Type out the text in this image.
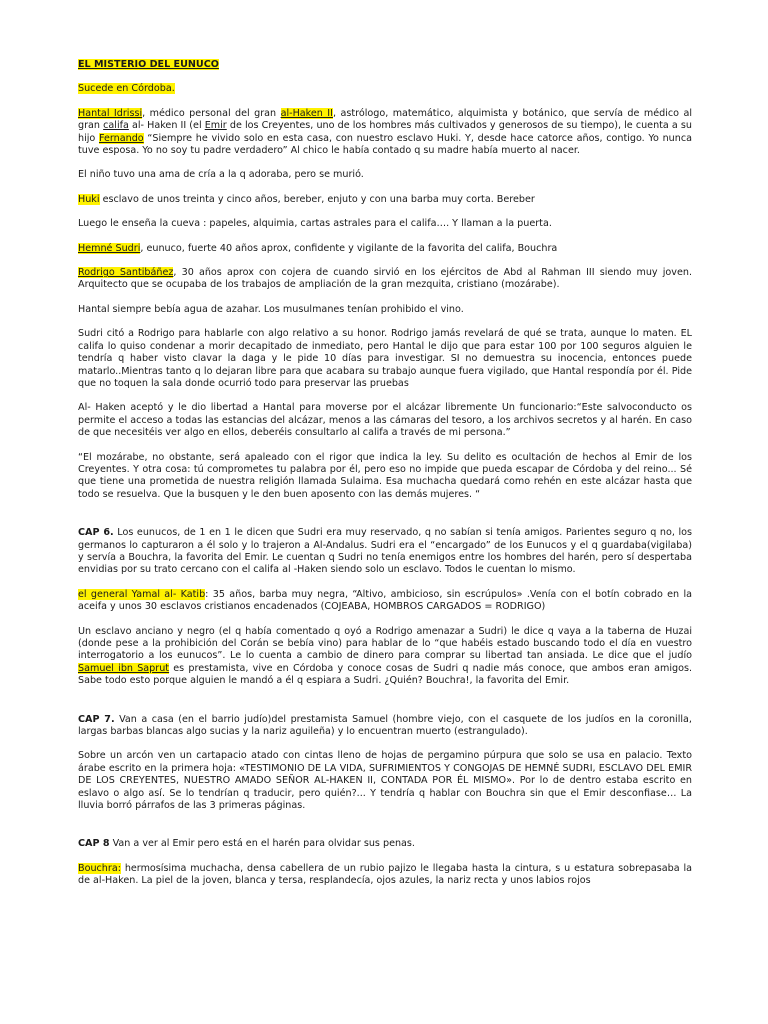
EL MISTERIO DEL EUNUCO

Sucede en Córdoba.

Hantal Idrissi, médico personal del gran al-Haken II, astrólogo, matemático, alquimista y botánico, que servía de médico al gran califa al- Haken II (el Emir de los Creyentes, uno de los hombres más cultivados y generosos de su tiempo), le cuenta a su hijo Fernando “Siempre he vivido solo en esta casa, con nuestro esclavo Huki. Y, desde hace catorce años, contigo. Yo nunca tuve esposa. Yo no soy tu padre verdadero” Al chico le había contado q su madre había muerto al nacer.

El niño tuvo una ama de cría a la q adoraba, pero se murió.

Huki esclavo de unos treinta y cinco años, bereber, enjuto y con una barba muy corta. Bereber

Luego le enseña la cueva : papeles, alquimia, cartas astrales para el califa…. Y llaman a la puerta.

Hemné Sudri, eunuco, fuerte 40 años aprox, confidente y vigilante de la favorita del califa, Bouchra

Rodrigo Santibáñez, 30 años aprox con cojera de cuando sirvió en los ejércitos de Abd al Rahman III siendo muy joven. Arquitecto que se ocupaba de los trabajos de ampliación de la gran mezquita, cristiano (mozárabe).

Hantal siempre bebía agua de azahar. Los musulmanes tenían prohibido el vino.

Sudri citó a Rodrigo para hablarle con algo relativo a su honor. Rodrigo jamás revelará de qué se trata, aunque lo maten. EL califa lo quiso condenar a morir decapitado de inmediato, pero Hantal le dijo que para estar 100 por 100 seguros alguien le tendría q haber visto clavar la daga y le pide 10 días para investigar. SI no demuestra su inocencia, entonces puede matarlo..Mientras tanto q lo dejaran libre para que acabara su trabajo aunque fuera vigilado, que Hantal respondía por él. Pide que no toquen la sala donde ocurrió todo para preservar las pruebas

Al- Haken aceptó y le dio libertad a Hantal para moverse por el alcázar libremente Un funcionario:“Este salvoconducto os permite el acceso a todas las estancias del alcázar, menos a las cámaras del tesoro, a los archivos secretos y al harén. En caso de que necesitéis ver algo en ellos, deberéis consultarlo al califa a través de mi persona.”

“El mozárabe, no obstante, será apaleado con el rigor que indica la ley. Su delito es ocultación de hechos al Emir de los Creyentes. Y otra cosa: tú comprometes tu palabra por él, pero eso no impide que pueda escapar de Córdoba y del reino... Sé que tiene una prometida de nuestra religión llamada Sulaima. Esa muchacha quedará como rehén en este alcázar hasta que todo se resuelva. Que la busquen y le den buen aposento con las demás mujeres. “

CAP 6. Los eunucos, de 1 en 1 le dicen que Sudri era muy reservado, q no sabían si tenía amigos. Parientes seguro q no, los germanos lo capturaron a él solo y lo trajeron a Al-Andalus. Sudri era el “encargado” de los Eunucos y el q guardaba(vigilaba) y servía a Bouchra, la favorita del Emir. Le cuentan q Sudri no tenía enemigos entre los hombres del harén, pero sí despertaba envidias por su trato cercano con el califa al -Haken siendo solo un esclavo. Todos le cuentan lo mismo.

el general Yamal al- Katib: 35 años, barba muy negra, “Altivo, ambicioso, sin escrúpulos» .Venía con el botín cobrado en la aceifa y unos 30 esclavos cristianos encadenados (COJEABA, HOMBROS CARGADOS = RODRIGO)

Un esclavo anciano y negro (el q había comentado q oyó a Rodrigo amenazar a Sudri) le dice q vaya a la taberna de Huzai (donde pese a la prohibición del Corán se bebía vino) para hablar de lo “que habéis estado buscando todo el día en vuestro interrogatorio a los eunucos”. Le lo cuenta a cambio de dinero para comprar su libertad tan ansiada. Le dice que el judío Samuel ibn Saprut es prestamista, vive en Córdoba y conoce cosas de Sudri q nadie más conoce, que ambos eran amigos. Sabe todo esto porque alguien le mandó a él q espiara a Sudri. ¿Quién? Bouchra!, la favorita del Emir.

CAP 7. Van a casa (en el barrio judío)del prestamista Samuel (hombre viejo, con el casquete de los judíos en la coronilla, largas barbas blancas algo sucias y la nariz aguileña) y lo encuentran muerto (estrangulado).

Sobre un arcón ven un cartapacio atado con cintas lleno de hojas de pergamino púrpura que solo se usa en palacio. Texto árabe escrito en la primera hoja: «TESTIMONIO DE LA VIDA, SUFRIMIENTOS Y CONGOJAS DE HEMNÉ SUDRI, ESCLAVO DEL EMIR DE LOS CREYENTES, NUESTRO AMADO SEÑOR AL-HAKEN II, CONTADA POR ÉL MISMO». Por lo de dentro estaba escrito en eslavo o algo así. Se lo tendrían q traducir, pero quién?... Y tendría q hablar con Bouchra sin que el Emir desconfiase… La lluvia borró párrafos de las 3 primeras páginas.

CAP 8 Van a ver al Emir pero está en el harén para olvidar sus penas.

Bouchra: hermosísima muchacha, densa cabellera de un rubio pajizo le llegaba hasta la cintura, s u estatura sobrepasaba la de al-Haken. La piel de la joven, blanca y tersa, resplandecía, ojos azules, la nariz recta y unos labios rojos
